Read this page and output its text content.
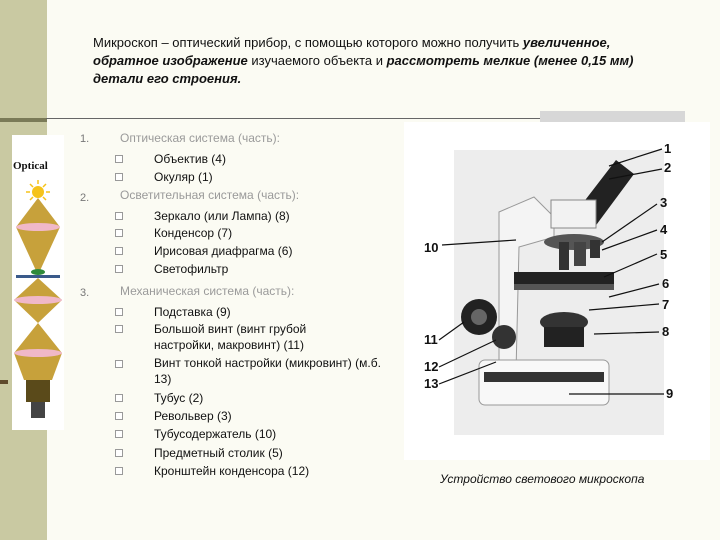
Микроскоп – оптический прибор, с помощью которого можно получить увеличенное, обратное изображение изучаемого объекта и рассмотреть мелкие (менее 0,15 мм) детали его строения.
Optical
1.	Оптическая система (часть):
Объектив (4)
Окуляр (1)
2.	Осветительная система (часть):
Зеркало (или Лампа) (8)
Конденсор (7)
Ирисовая диафрагма (6)
Светофильтр
3.	Механическая система (часть):
Подставка (9)
Большой винт (винт грубой настройки, макровинт) (11)
Винт тонкой настройки (микровинт) (м.б. 13)
Тубус (2)
Револьвер (3)
Тубусодержатель (10)
Предметный столик (5)
Кронштейн конденсора (12)
1
2
3
4
5
6
7
8
9
10
11
12
13
Устройство светового микроскопа
